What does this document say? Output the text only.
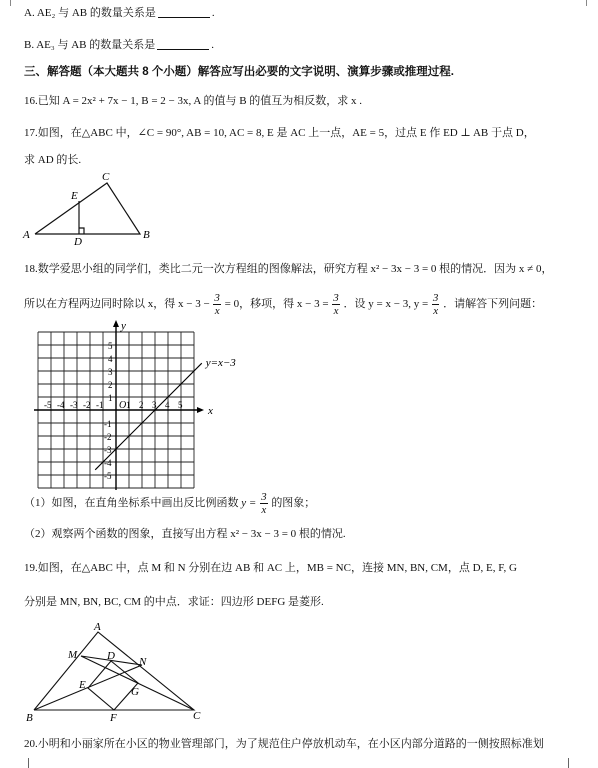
A. AE₂ 与 AB 的数量关系是	.
B. AE₃ 与 AB 的数量关系是	.
三、解答题（本大题共 8 个小题）解答应写出必要的文字说明、演算步骤或推理过程.
16.已知 A = 2x² + 7x − 1, B = 2 − 3x, A 的值与 B 的值互为相反数，求 x .
17.如图，在△ABC 中，∠C = 90°, AB = 10, AC = 8, E 是 AC 上一点，AE = 5，过点 E 作 ED ⊥ AB 于点 D，
求 AD 的长.
A	B
C
E
D
18.数学爱思小组的同学们，类比二元一次方程组的图像解法，研究方程 x² − 3x − 3 = 0 根的情况．因为 x ≠ 0，
所以在方程两边同时除以 x，得 $x - 3 - \frac{3}{x} = 0$，移项，得 $x - 3 = \frac{3}{x}$ ．设 y = x − 3, $y = \frac{3}{x}$ ．请解答下列问题：
y
x
O
-5 -4 -3 -2 -1	1 2 3 4 5
5
4
3
2
1
-1
-2
-3
-4
-5
y=x−3
（1）如图，在直角坐标系中画出反比例函数 $y = \frac{3}{x}$ 的图象；
（2）观察两个函数的图象，直接写出方程 x² − 3x − 3 = 0 根的情况.
19.如图，在△ABC 中，点 M 和 N 分别在边 AB 和 AC 上，MB = NC，连接 MN, BN, CM，点 D, E, F, G
分别是 MN, BN, BC, CM 的中点．求证：四边形 DEFG 是菱形.
A
B	C
M
N
D
E
F
G
20.小明和小丽家所在小区的物业管理部门，为了规范住户停放机动车，在小区内部分道路的一侧按照标准划
